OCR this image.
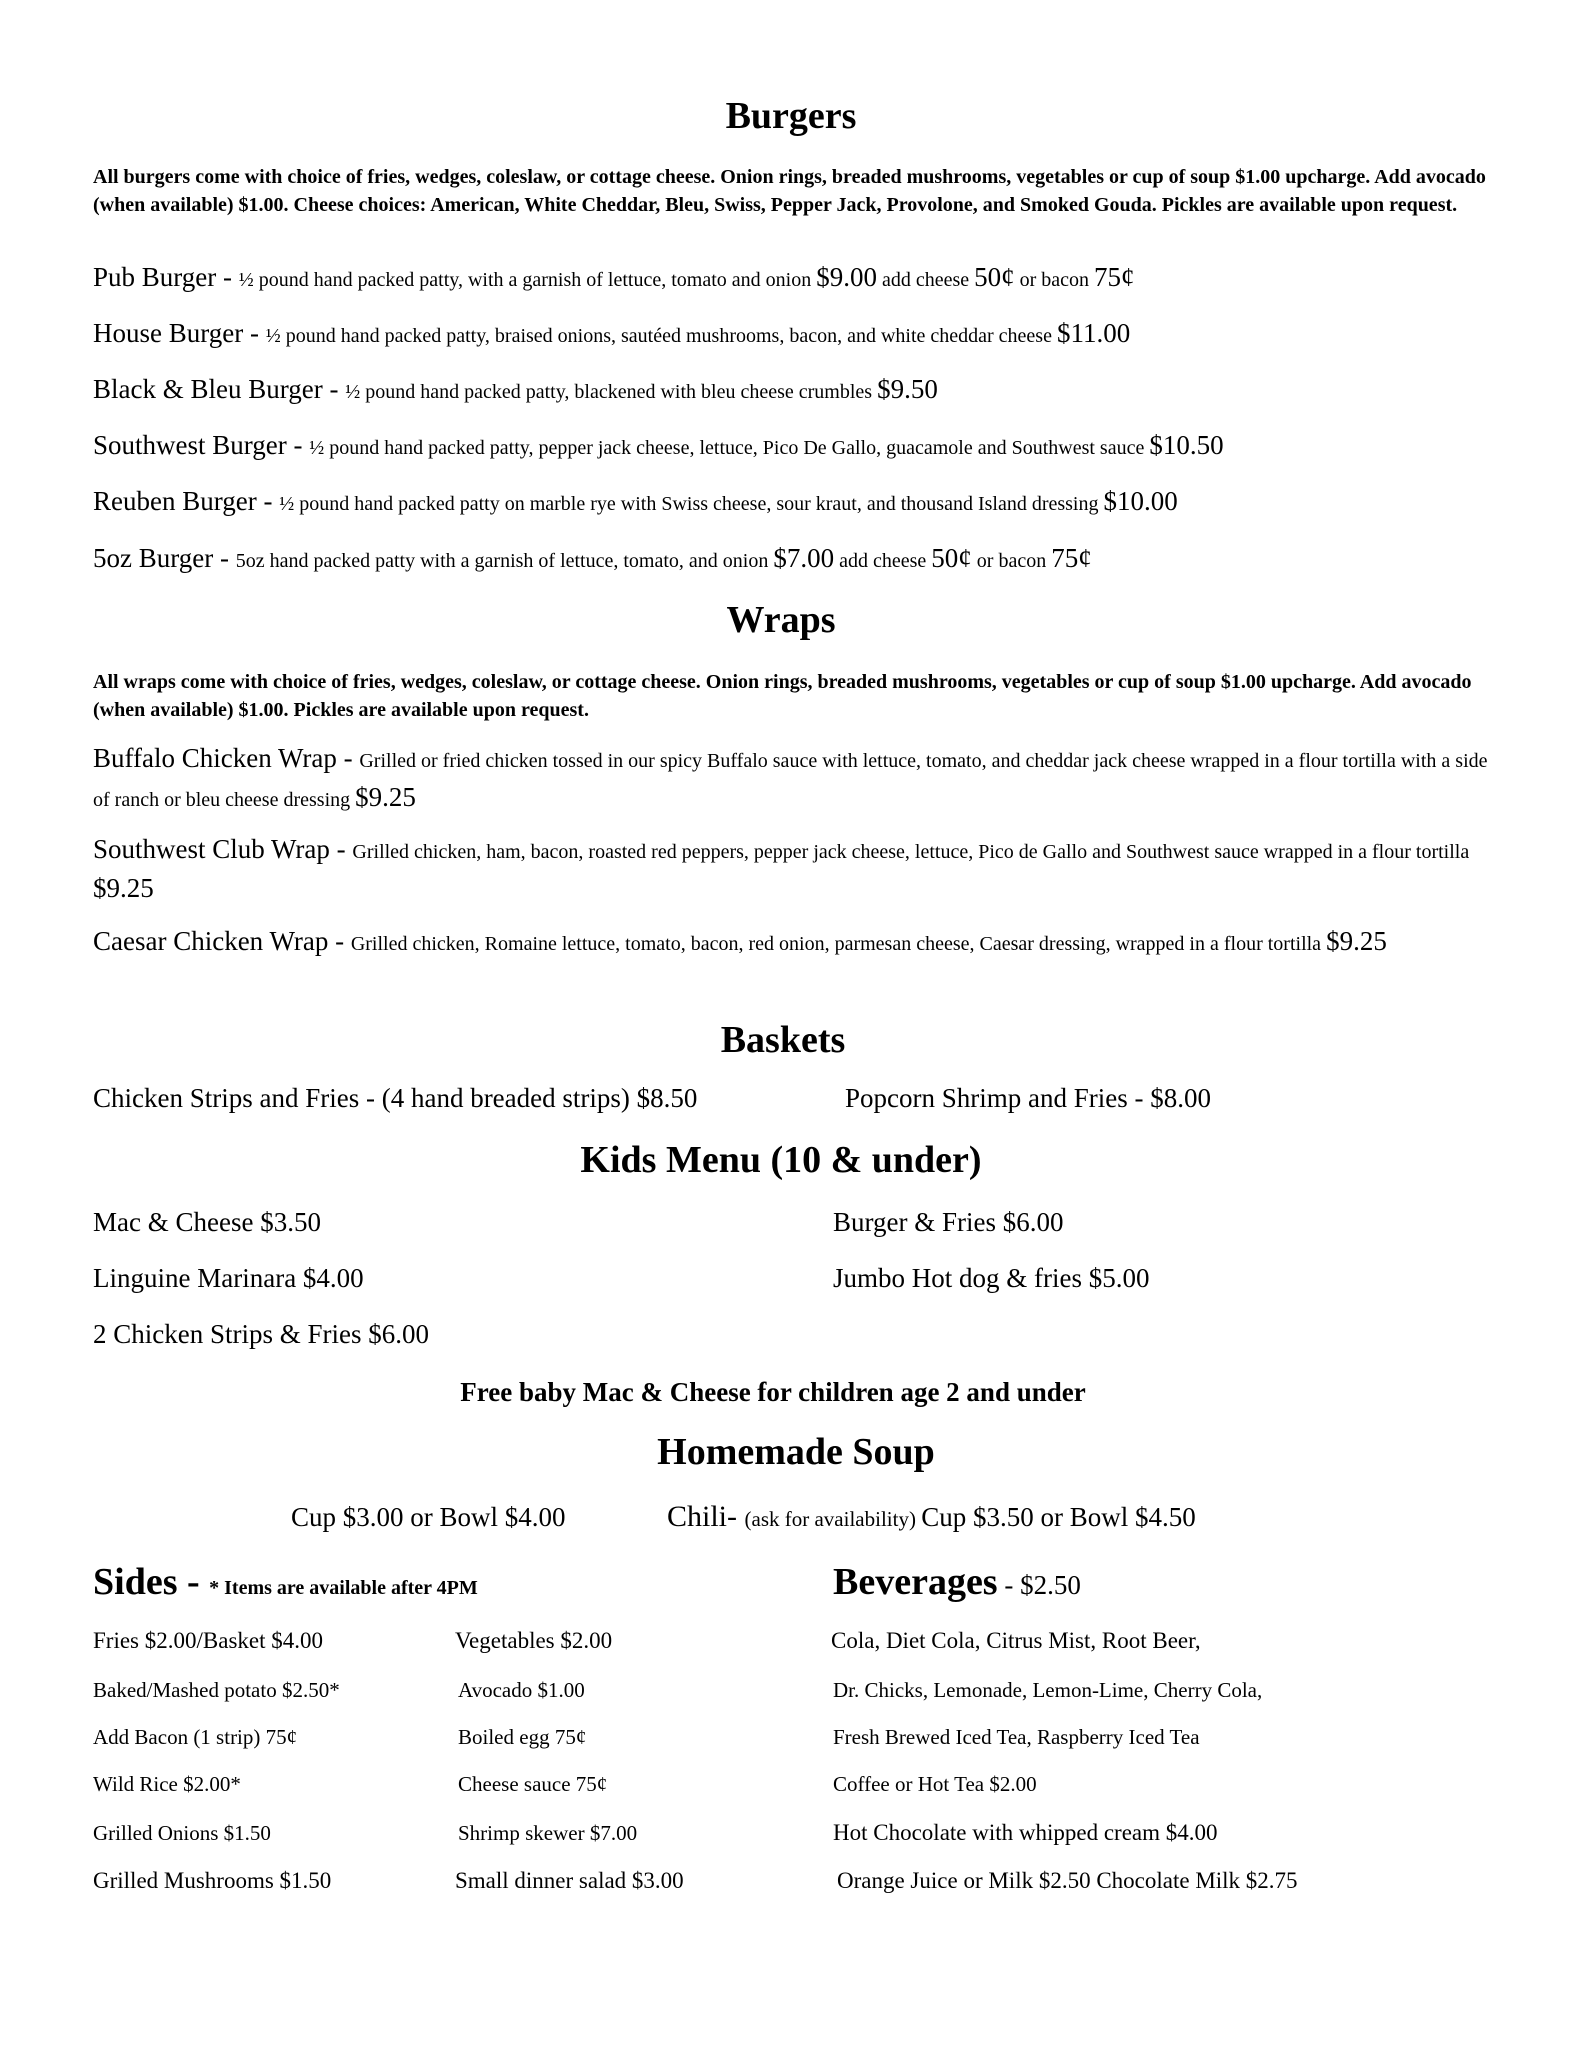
Burgers
All burgers come with choice of fries, wedges, coleslaw, or cottage cheese. Onion rings, breaded mushrooms, vegetables or cup of soup $1.00 upcharge. Add avocado (when available) $1.00. Cheese choices: American, White Cheddar, Bleu, Swiss, Pepper Jack, Provolone, and Smoked Gouda. Pickles are available upon request.
Pub Burger - ½ pound hand packed patty, with a garnish of lettuce, tomato and onion $9.00 add cheese 50¢ or bacon 75¢
House Burger - ½ pound hand packed patty, braised onions, sautéed mushrooms, bacon, and white cheddar cheese $11.00
Black & Bleu Burger - ½ pound hand packed patty, blackened with bleu cheese crumbles $9.50
Southwest Burger - ½ pound hand packed patty, pepper jack cheese, lettuce, Pico De Gallo, guacamole and Southwest sauce $10.50
Reuben Burger - ½ pound hand packed patty on marble rye with Swiss cheese, sour kraut, and thousand Island dressing $10.00
5oz Burger - 5oz hand packed patty with a garnish of lettuce, tomato, and onion $7.00 add cheese 50¢ or bacon 75¢
Wraps
All wraps come with choice of fries, wedges, coleslaw, or cottage cheese. Onion rings, breaded mushrooms, vegetables or cup of soup $1.00 upcharge. Add avocado (when available) $1.00. Pickles are available upon request.
Buffalo Chicken Wrap - Grilled or fried chicken tossed in our spicy Buffalo sauce with lettuce, tomato, and cheddar jack cheese wrapped in a flour tortilla with a side of ranch or bleu cheese dressing $9.25
Southwest Club Wrap - Grilled chicken, ham, bacon, roasted red peppers, pepper jack cheese, lettuce, Pico de Gallo and Southwest sauce wrapped in a flour tortilla $9.25
Caesar Chicken Wrap - Grilled chicken, Romaine lettuce, tomato, bacon, red onion, parmesan cheese, Caesar dressing, wrapped in a flour tortilla $9.25
Baskets
Chicken Strips and Fries - (4 hand breaded strips) $8.50	Popcorn Shrimp and Fries - $8.00
Kids Menu (10 & under)
Mac & Cheese $3.50	Burger & Fries $6.00
Linguine Marinara $4.00	Jumbo Hot dog & fries $5.00
2 Chicken Strips & Fries $6.00
Free baby Mac & Cheese for children age 2 and under
Homemade Soup
Cup $3.00 or Bowl $4.00	Chili- (ask for availability) Cup $3.50 or Bowl $4.50
Sides - * Items are available after 4PM
Fries $2.00/Basket $4.00
Baked/Mashed potato $2.50*
Add Bacon (1 strip) 75¢
Wild Rice $2.00*
Grilled Onions $1.50
Grilled Mushrooms $1.50
Vegetables $2.00
Avocado $1.00
Boiled egg 75¢
Cheese sauce 75¢
Shrimp skewer $7.00
Small dinner salad $3.00
Beverages - $2.50
Cola, Diet Cola, Citrus Mist, Root Beer,
Dr. Chicks, Lemonade, Lemon-Lime, Cherry Cola,
Fresh Brewed Iced Tea, Raspberry Iced Tea
Coffee or Hot Tea $2.00
Hot Chocolate with whipped cream $4.00
Orange Juice or Milk $2.50 Chocolate Milk $2.75
